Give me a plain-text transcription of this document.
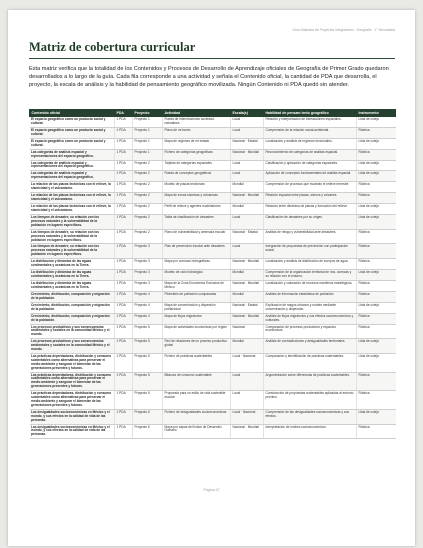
Guía Didáctica de Proyectos Integradores · Geografía · 1° Secundaria
Matriz de cobertura curricular

Esta matriz verifica que la totalidad de los Contenidos y Procesos de Desarrollo de Aprendizaje oficiales de Geografía de Primer Grado quedaron desarrollados a lo largo de la guía. Cada fila corresponde a una actividad y señala el Contenido oficial, la cantidad de PDA que desarrolla, el proyecto, la escala de análisis y la habilidad de pensamiento geográfico movilizada. Ningún Contenido ni PDA quedó sin atender.

Contenido oficial	PDA	Proyecto	Actividad	Escala(s)	Habilidad de pensam iento geográfico	Instrumento
El espacio geográfico como un producto social y cultural.	1 PDA	Proyecto 1	Rueda de interrelaciones sociedad-naturaleza	Local	Relación y interpretación de interacciones espaciales.	Lista de cotejo
El espacio geográfico como un producto social y cultural.	1 PDA	Proyecto 1	Plano de mi barrio	Local	Comprensión de la relación social-ambiental.	Rúbrica
El espacio geográfico como un producto social y cultural.	1 PDA	Proyecto 1	Mapa de regiones de mi estado	Nacional · Estatal	Localización y análisis de regiones funcionales.	Lista de cotejo
Las categorías de análisis espacial y representaciones del espacio geográfico.	1 PDA	Proyecto 1	Fichero de categorías geográficas	Nacional · Mundial	Reconocimiento de categorías de análisis espacial.	Rúbrica
Las categorías de análisis espacial y representaciones del espacio geográfico.	1 PDA	Proyecto 2	Tarjetas de categorías espaciales	Local	Clasificación y aplicación de categorías espaciales.	Lista de cotejo
Las categorías de análisis espacial y representaciones del espacio geográfico.	1 PDA	Proyecto 2	Rueda de conceptos geográficos	Local	Aplicación de conceptos fundamentales de análisis espacial.	Lista de cotejo
La relación de las placas tectónicas con el relieve, la sismicidad y el vulcanismo.	1 PDA	Proyecto 2	Modelo de placas tectónicas	Mundial	Comprensión de procesos que modelan el relieve terrestre.	Rúbrica
La relación de las placas tectónicas con el relieve, la sismicidad y el vulcanismo.	1 PDA	Proyecto 2	Mapa de zonas sísmicas y volcánicas	Nacional · Mundial	Relación espacial entre placas, sismos y volcanes.	Rúbrica
La relación de las placas tectónicas con el relieve, la sismicidad y el vulcanismo.	1 PDA	Proyecto 2	Perfil de relieve y agentes modeladores	Mundial	Relación entre dinámica de placas y formación del relieve.	Lista de cotejo
Los tiempos de desastre, su relación con los procesos naturales y la vulnerabilidad de la población en lugares específicos.	1 PDA	Proyecto 2	Tabla de clasificación de desastres	Local	Clasificación de desastres por su origen.	Lista de cotejo
Los tiempos de desastre, su relación con los procesos naturales y la vulnerabilidad de la población en lugares específicos.	1 PDA	Proyecto 2	Plano de vulnerabilidad y amenaza escolar	Nacional · Estatal	Análisis de riesgo y vulnerabilidad ante desastres.	Rúbrica
Los tiempos de desastre, su relación con los procesos naturales y la vulnerabilidad de la población en lugares específicos.	1 PDA	Proyecto 3	Plan de prevención escolar ante desastres	Local	Integración de propuestas de prevención con participación social.	Rúbrica
La distribución y dinámica de las aguas continentales y oceánicas en la Tierra.	1 PDA	Proyecto 3	Mapa por cuencas hidrográficas	Nacional · Mundial	Localización y análisis de distribución de cuerpos de agua.	Rúbrica
La distribución y dinámica de las aguas continentales y oceánicas en la Tierra.	1 PDA	Proyecto 3	Modelo de ciclo hidrológico	Mundial	Comprensión de la organización territorial de ríos, cuencas y su relación con el entorno.	Lista de cotejo
La distribución y dinámica de las aguas continentales y oceánicas en la Tierra.	1 PDA	Proyecto 3	Mapa de la Zona Económica Exclusiva de México	Nacional · Mundial	Localización y valoración de recursos marítimos estratégicos.	Rúbrica
Crecimiento, distribución, composición y migración de la población.	1 PDA	Proyecto 4	Pirámides de población comparadas	Mundial	Análisis de información estadística de población.	Rúbrica
Crecimiento, distribución, composición y migración de la población.	1 PDA	Proyecto 4	Mapa de concentración y dispersión poblacional	Nacional · Estatal	Explicación de rasgos urbanos y rurales mediante concentración y dispersión.	Lista de cotejo
Crecimiento, distribución, composición y migración de la población.	1 PDA	Proyecto 4	Mapa de flujos migratorios	Nacional · Mundial	Análisis de flujos migratorios y sus efectos socioeconómicos y culturales.	Rúbrica
Los procesos productivos y sus consecuencias ambientales y sociales en la comunidad México y el mundo.	1 PDA	Proyecto 5	Mapa de actividades económicas por región	Nacional	Comparación de procesos productivos y espacios económicos.	Rúbrica
Los procesos productivos y sus consecuencias ambientales y sociales en la comunidad México y el mundo.	1 PDA	Proyecto 5	Red de relaciones de un proceso productivo global	Mundial	Análisis de contradicciones y desigualdades territoriales.	Lista de cotejo
Las prácticas depredadoras, distribución y consumo sustentables como alternativas para preservar el medio ambiente y asegurar el bienestar de las generaciones presentes y futuras.	1 PDA	Proyecto 5	Fichero de prácticas sustentables	Local · Nacional	Comparación y identificación de prácticas sustentables.	Lista de cotejo
Las prácticas depredadoras, distribución y consumo sustentables como alternativas para preservar el medio ambiente y asegurar el bienestar de las generaciones presentes y futuras.	1 PDA	Proyecto 5	Bitácora de consumo sustentable	Local	Argumentación sobre diferencias de prácticas sustentables.	Rúbrica
Las prácticas depredadoras, distribución y consumo sustentables como alternativas para preservar el medio ambiente y asegurar el bienestar de las generaciones presentes y futuras.	1 PDA	Proyecto 5	Propuesta para un estilo de vida sostenible escolar	Local	Construcción de propuestas sustentables aplicadas al entorno próximo.	Rúbrica
Las desigualdades socioeconómicas en México y el mundo, y sus efectos en la calidad de vida de las personas.	1 PDA	Proyecto 6	Fichero de desigualdades socioeconómicas	Local · Nacional	Comprensión de las desigualdades socioeconómicas y sus efectos.	Lista de cotejo
Las desigualdades socioeconómicas en México y el mundo, y sus efectos en la calidad de vida de las personas.	1 PDA	Proyecto 6	Mapa por capas del Índice de Desarrollo Humano	Nacional · Mundial	Interpretación de índices socioeconómicos.	Rúbrica
Página 47
